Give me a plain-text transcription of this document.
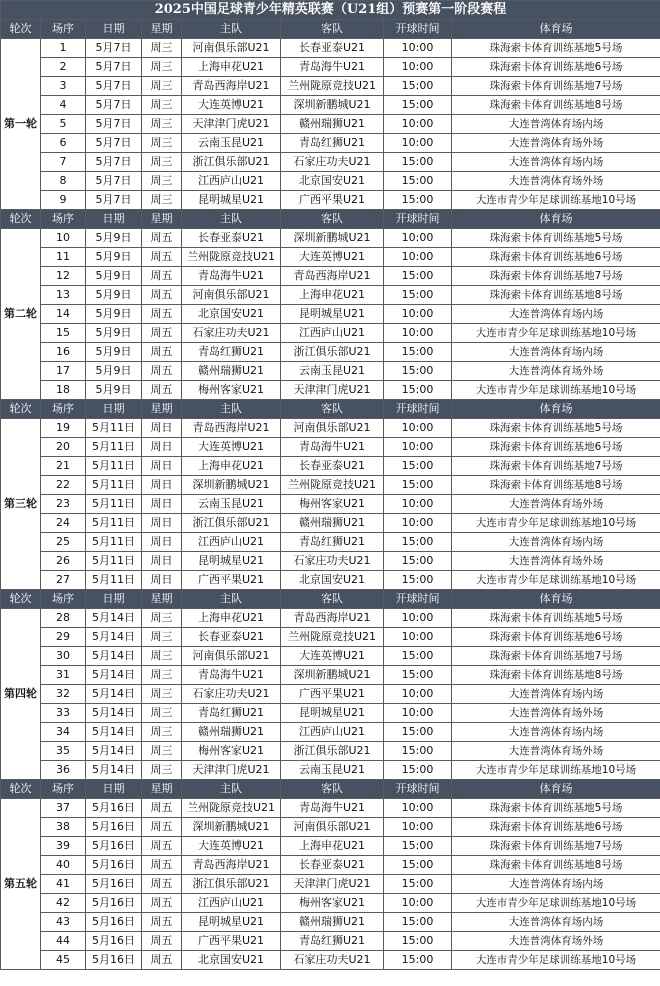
2025中国足球青少年精英联赛（U21组）预赛第一阶段赛程							
轮次	场序	日期	星期	主队	客队	开球时间	体育场
第一轮	1	5月7日	周三	河南俱乐部U21	长春亚泰U21	10:00	珠海索卡体育训练基地5号场
	2	5月7日	周三	上海申花U21	青岛海牛U21	10:00	珠海索卡体育训练基地6号场
	3	5月7日	周三	青岛西海岸U21	兰州陇原竞技U21	15:00	珠海索卡体育训练基地7号场
	4	5月7日	周三	大连英博U21	深圳新鹏城U21	15:00	珠海索卡体育训练基地8号场
	5	5月7日	周三	天津津门虎U21	赣州瑞狮U21	10:00	大连普湾体育场内场
	6	5月7日	周三	云南玉昆U21	青岛红狮U21	10:00	大连普湾体育场外场
	7	5月7日	周三	浙江俱乐部U21	石家庄功夫U21	15:00	大连普湾体育场内场
	8	5月7日	周三	江西庐山U21	北京国安U21	15:00	大连普湾体育场外场
	9	5月7日	周三	昆明城星U21	广西平果U21	15:00	大连市青少年足球训练基地10号场
轮次	场序	日期	星期	主队	客队	开球时间	体育场
第二轮	10	5月9日	周五	长春亚泰U21	深圳新鹏城U21	10:00	珠海索卡体育训练基地5号场
	11	5月9日	周五	兰州陇原竞技U21	大连英博U21	10:00	珠海索卡体育训练基地6号场
	12	5月9日	周五	青岛海牛U21	青岛西海岸U21	15:00	珠海索卡体育训练基地7号场
	13	5月9日	周五	河南俱乐部U21	上海申花U21	15:00	珠海索卡体育训练基地8号场
	14	5月9日	周五	北京国安U21	昆明城星U21	10:00	大连普湾体育场内场
	15	5月9日	周五	石家庄功夫U21	江西庐山U21	10:00	大连市青少年足球训练基地10号场
	16	5月9日	周五	青岛红狮U21	浙江俱乐部U21	15:00	大连普湾体育场内场
	17	5月9日	周五	赣州瑞狮U21	云南玉昆U21	15:00	大连普湾体育场外场
	18	5月9日	周五	梅州客家U21	天津津门虎U21	15:00	大连市青少年足球训练基地10号场
轮次	场序	日期	星期	主队	客队	开球时间	体育场
第三轮	19	5月11日	周日	青岛西海岸U21	河南俱乐部U21	10:00	珠海索卡体育训练基地5号场
	20	5月11日	周日	大连英博U21	青岛海牛U21	10:00	珠海索卡体育训练基地6号场
	21	5月11日	周日	上海申花U21	长春亚泰U21	15:00	珠海索卡体育训练基地7号场
	22	5月11日	周日	深圳新鹏城U21	兰州陇原竞技U21	15:00	珠海索卡体育训练基地8号场
	23	5月11日	周日	云南玉昆U21	梅州客家U21	10:00	大连普湾体育场外场
	24	5月11日	周日	浙江俱乐部U21	赣州瑞狮U21	10:00	大连市青少年足球训练基地10号场
	25	5月11日	周日	江西庐山U21	青岛红狮U21	15:00	大连普湾体育场内场
	26	5月11日	周日	昆明城星U21	石家庄功夫U21	15:00	大连普湾体育场外场
	27	5月11日	周日	广西平果U21	北京国安U21	15:00	大连市青少年足球训练基地10号场
轮次	场序	日期	星期	主队	客队	开球时间	体育场
第四轮	28	5月14日	周三	上海申花U21	青岛西海岸U21	10:00	珠海索卡体育训练基地5号场
	29	5月14日	周三	长春亚泰U21	兰州陇原竞技U21	10:00	珠海索卡体育训练基地6号场
	30	5月14日	周三	河南俱乐部U21	大连英博U21	15:00	珠海索卡体育训练基地7号场
	31	5月14日	周三	青岛海牛U21	深圳新鹏城U21	15:00	珠海索卡体育训练基地8号场
	32	5月14日	周三	石家庄功夫U21	广西平果U21	10:00	大连普湾体育场内场
	33	5月14日	周三	青岛红狮U21	昆明城星U21	10:00	大连普湾体育场外场
	34	5月14日	周三	赣州瑞狮U21	江西庐山U21	15:00	大连普湾体育场内场
	35	5月14日	周三	梅州客家U21	浙江俱乐部U21	15:00	大连普湾体育场外场
	36	5月14日	周三	天津津门虎U21	云南玉昆U21	15:00	大连市青少年足球训练基地10号场
轮次	场序	日期	星期	主队	客队	开球时间	体育场
第五轮	37	5月16日	周五	兰州陇原竞技U21	青岛海牛U21	10:00	珠海索卡体育训练基地5号场
	38	5月16日	周五	深圳新鹏城U21	河南俱乐部U21	10:00	珠海索卡体育训练基地6号场
	39	5月16日	周五	大连英博U21	上海申花U21	15:00	珠海索卡体育训练基地7号场
	40	5月16日	周五	青岛西海岸U21	长春亚泰U21	15:00	珠海索卡体育训练基地8号场
	41	5月16日	周五	浙江俱乐部U21	天津津门虎U21	15:00	大连普湾体育场内场
	42	5月16日	周五	江西庐山U21	梅州客家U21	10:00	大连市青少年足球训练基地10号场
	43	5月16日	周五	昆明城星U21	赣州瑞狮U21	15:00	大连普湾体育场内场
	44	5月16日	周五	广西平果U21	青岛红狮U21	15:00	大连普湾体育场外场
	45	5月16日	周五	北京国安U21	石家庄功夫U21	15:00	大连市青少年足球训练基地10号场
